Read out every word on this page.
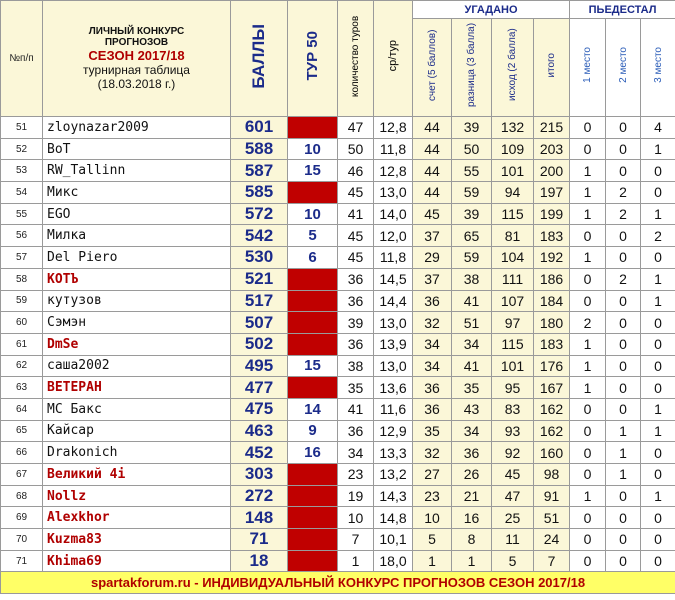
№п/п	ЛИЧНЫЙ КОНКУРС
ПРОГНОЗОВ
СЕЗОН 2017/18
турнирная таблица
(18.03.2018 г.)	БАЛЛЫ	ТУР 50	количество туров	ср/тур	УГАДАНО				ПЬЕДЕСТАЛ		
						счет (5 баллов)	разница (3 балла)	исход (2 балла)	итого	1 место	2 место	3 место
51	zloynazar2009	601		47	12,8	44	39	132	215	0	0	4
52	BoT	588	10	50	11,8	44	50	109	203	0	0	1
53	RW_Tallinn	587	15	46	12,8	44	55	101	200	1	0	0
54	Микс	585		45	13,0	44	59	94	197	1	2	0
55	EGO	572	10	41	14,0	45	39	115	199	1	2	1
56	Милка	542	5	45	12,0	37	65	81	183	0	0	2
57	Del Piero	530	6	45	11,8	29	59	104	192	1	0	0
58	КОТЪ	521		36	14,5	37	38	111	186	0	2	1
59	кутузов	517		36	14,4	36	41	107	184	0	0	1
60	Сэмэн	507		39	13,0	32	51	97	180	2	0	0
61	DmSe	502		36	13,9	34	34	115	183	1	0	0
62	саша2002	495	15	38	13,0	34	41	101	176	1	0	0
63	ВЕТЕРАН	477		35	13,6	36	35	95	167	1	0	0
64	МС Бакс	475	14	41	11,6	36	43	83	162	0	0	1
65	Кайсар	463	9	36	12,9	35	34	93	162	0	1	1
66	Drakonich	452	16	34	13,3	32	36	92	160	0	1	0
67	Великий 4i	303		23	13,2	27	26	45	98	0	1	0
68	Nollz	272		19	14,3	23	21	47	91	1	0	1
69	Alexkhor	148		10	14,8	10	16	25	51	0	0	0
70	Kuzma83	71		7	10,1	5	8	11	24	0	0	0
71	Khima69	18		1	18,0	1	1	5	7	0	0	0
spartakforum.ru - ИНДИВИДУАЛЬНЫЙ КОНКУРС ПРОГНОЗОВ СЕЗОН 2017/18												
